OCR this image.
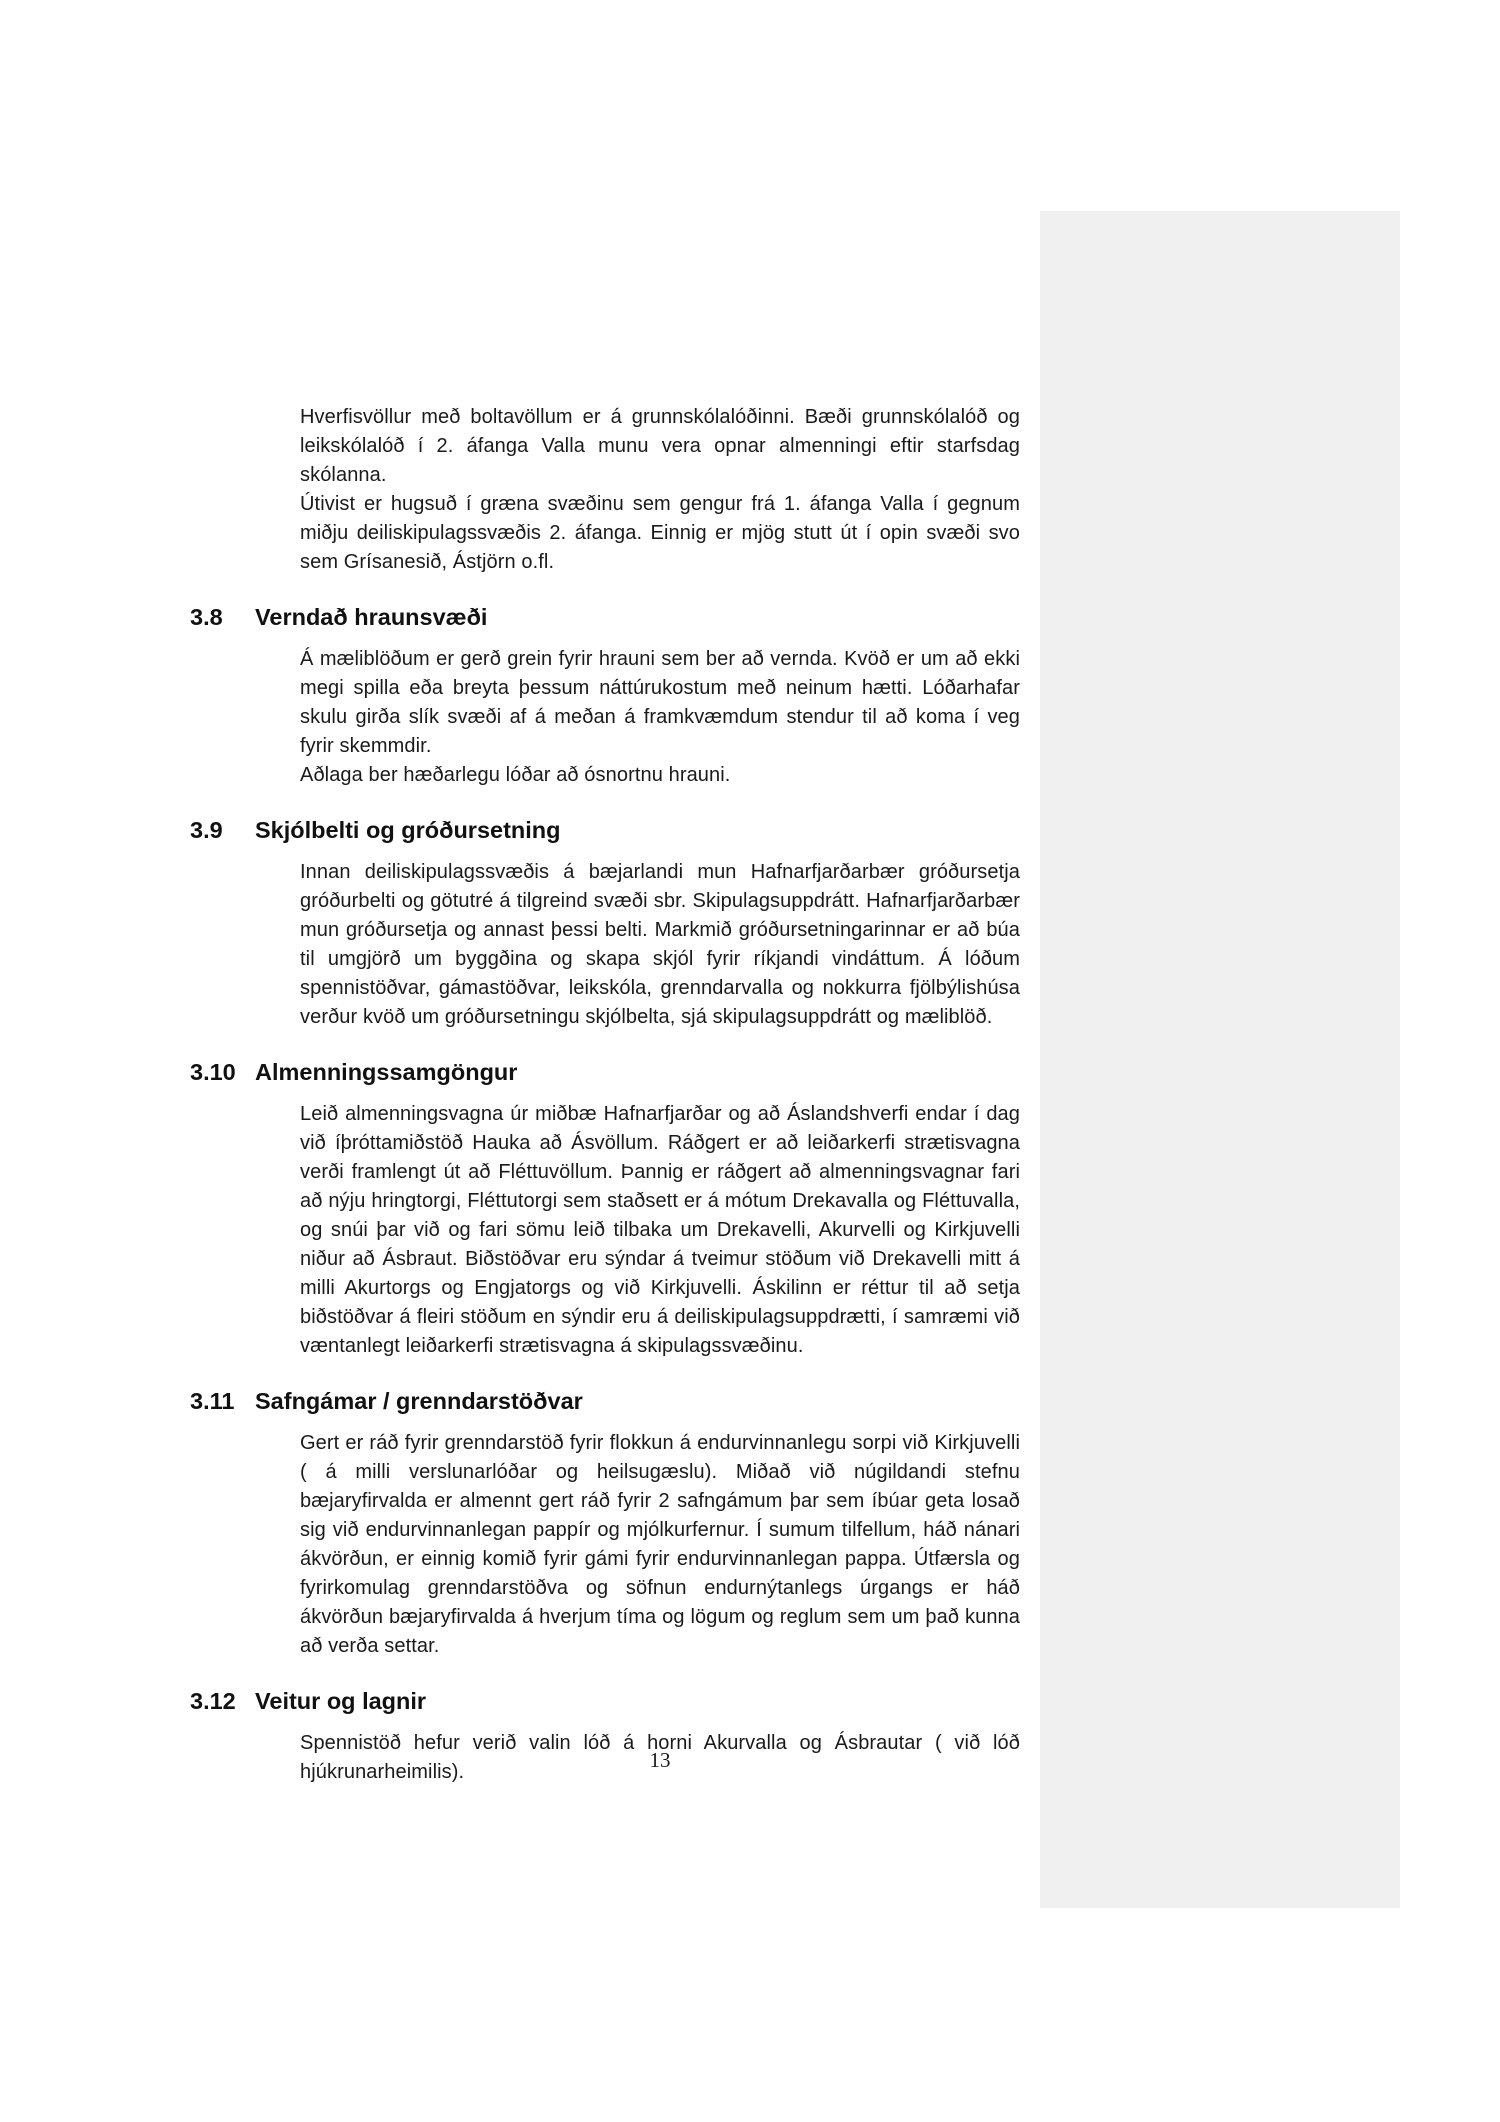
Hverfisvöllur með boltavöllum er á grunnskólalóðinni. Bæði grunnskólalóð og leikskólalóð í 2. áfanga Valla munu vera opnar almenningi eftir starfsdag skólanna.

Útivist er hugsuð í græna svæðinu sem gengur frá 1. áfanga Valla í gegnum miðju deiliskipulagssvæðis 2. áfanga. Einnig er mjög stutt út í opin svæði svo sem Grísanesið, Ástjörn o.fl.

3.8	Verndað hraunsvæði

Á mæliblöðum er gerð grein fyrir hrauni sem ber að vernda. Kvöð er um að ekki megi spilla eða breyta þessum náttúrukostum með neinum hætti. Lóðarhafar skulu girða slík svæði af á meðan á framkvæmdum stendur til að koma í veg fyrir skemmdir.

Aðlaga ber hæðarlegu lóðar að ósnortnu hrauni.

3.9	Skjólbelti og gróðursetning

Innan deiliskipulagssvæðis á bæjarlandi mun Hafnarfjarðarbær gróðursetja gróðurbelti og götutré á tilgreind svæði sbr. Skipulagsuppdrátt. Hafnarfjarðarbær mun gróðursetja og annast þessi belti. Markmið gróðursetningarinnar er að búa til umgjörð um byggðina og skapa skjól fyrir ríkjandi vindáttum. Á lóðum spennistöðvar, gámastöðvar, leikskóla, grenndarvalla og nokkurra fjölbýlishúsa verður kvöð um gróðursetningu skjólbelta, sjá skipulagsuppdrátt og mæliblöð.

3.10 Almenningssamgöngur

Leið almenningsvagna úr miðbæ Hafnarfjarðar og að Áslandshverfi endar í dag við íþróttamiðstöð Hauka að Ásvöllum. Ráðgert er að leiðarkerfi strætisvagna verði framlengt út að Fléttuvöllum. Þannig er ráðgert að almenningsvagnar fari að nýju hringtorgi, Fléttutorgi sem staðsett er á mótum Drekavalla og Fléttuvalla, og snúi þar við og fari sömu leið tilbaka um Drekavelli, Akurvelli og Kirkjuvelli niður að Ásbraut. Biðstöðvar eru sýndar á tveimur stöðum við Drekavelli mitt á milli Akurtorgs og Engjatorgs og við Kirkjuvelli. Áskilinn er réttur til að setja biðstöðvar á fleiri stöðum en sýndir eru á deiliskipulagsuppdrætti, í samræmi við væntanlegt leiðarkerfi strætisvagna á skipulagssvæðinu.

3.11 Safngámar / grenndarstöðvar

Gert er ráð fyrir grenndarstöð fyrir flokkun á endurvinnanlegu sorpi við Kirkjuvelli ( á milli verslunarlóðar og heilsugæslu). Miðað við núgildandi stefnu bæjaryfirvalda er almennt gert ráð fyrir 2 safngámum þar sem íbúar geta losað sig við endurvinnanlegan pappír og mjólkurfernur. Í sumum tilfellum, háð nánari ákvörðun, er einnig komið fyrir gámi fyrir endurvinnanlegan pappa. Útfærsla og fyrirkomulag grenndarstöðva og söfnun endurnýtanlegs úrgangs er háð ákvörðun bæjaryfirvalda á hverjum tíma og lögum og reglum sem um það kunna að verða settar.

3.12 Veitur og lagnir

Spennistöð hefur verið valin lóð á horni Akurvalla og Ásbrautar ( við lóð hjúkrunarheimilis).	13
